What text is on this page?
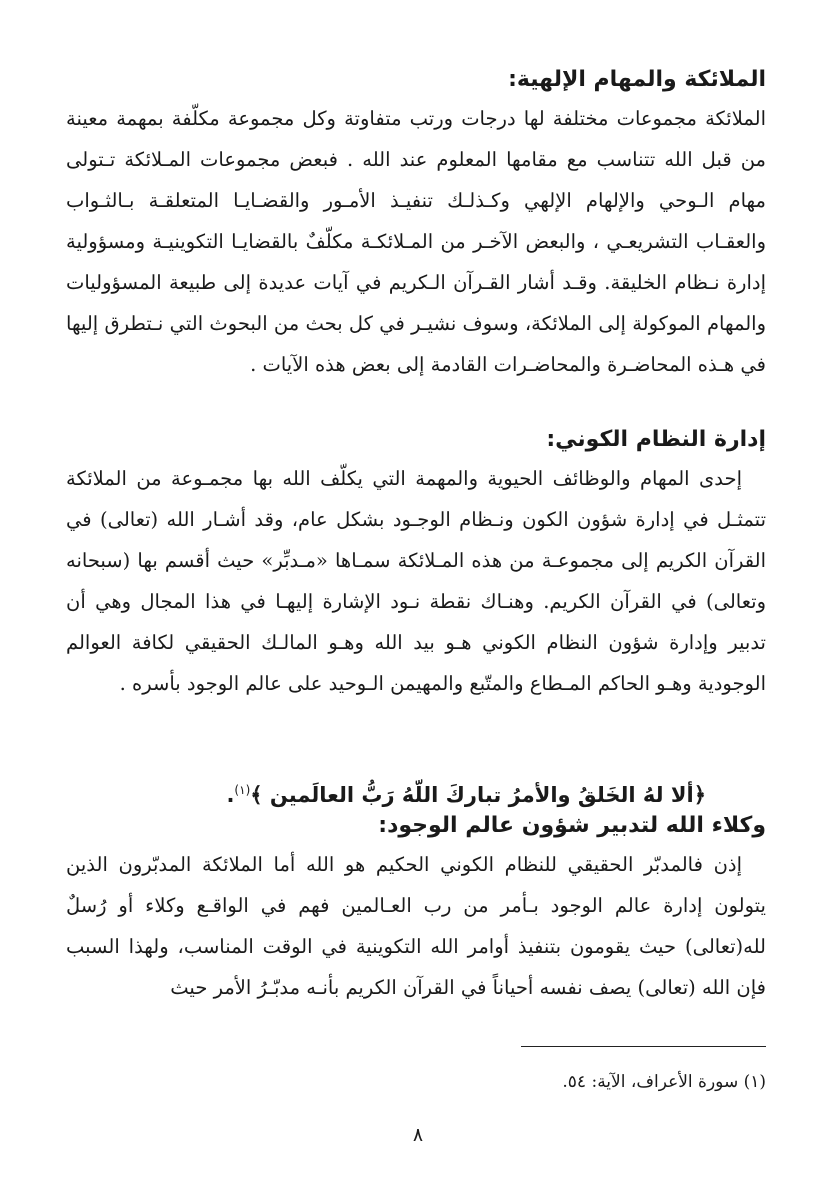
الملائكة والمهام الإلهية:

الملائكة مجموعات مختلفة لها درجات ورتب متفاوتة وكل مجموعة مكلّفة بمهمة معينة من قبل الله تتناسب مع مقامها المعلوم عند الله . فبعض مجموعات المـلائكة تـتولى مهام الـوحي والإلهام الإلهي وكـذلـك تنفيـذ الأمـور والقضـايـا المتعلقـة بـالثـواب والعقـاب التشريعـي ، والبعض الآخـر من المـلائكـة مكلّفٌ بالقضايـا التكوينيـة ومسؤولية إدارة نـظام الخليقة. وقـد أشار القـرآن الـكريم في آيات عديدة إلى طبيعة المسؤوليات والمهام الموكولة إلى الملائكة، وسوف نشيـر في كل بحث من البحوث التي نـتطرق إليها في هـذه المحاضـرة والمحاضـرات القادمة إلى بعض هذه الآيات .

إدارة النظام الكوني:

إحدى المهام والوظائف الحيوية والمهمة التي يكلّف الله بها مجمـوعة من الملائكة تتمثـل في إدارة شؤون الكون ونـظام الوجـود بشكل عام، وقد أشـار الله (تعالى) في القرآن الكريم إلى مجموعـة من هذه المـلائكة سمـاها «مـدبِّر» حيث أقسم بها (سبحانه وتعالى) في القرآن الكريم. وهنـاك نقطة نـود الإشارة إليهـا في هذا المجال وهي أن تدبير وإدارة شؤون النظام الكوني هـو بيد الله وهـو المالـك الحقيقي لكافة العوالم الوجودية وهـو الحاكم المـطاع والمتّبع والمهيمن الـوحيد على عالم الوجود بأسره .

﴿ألا لهُ الخَلقُ والأمرُ تباركَ اللّهُ رَبُّ العالَمين ﴾$^{(١)}$.

وكلاء الله لتدبير شؤون عالم الوجود:

إذن فالمدبّر الحقيقي للنظام الكوني الحكيم هو الله أما الملائكة المدبّرون الذين يتولون إدارة عالم الوجود بـأمر من رب العـالمين فهم في الواقـع وكلاء أو رُسلٌ لله(تعالى) حيث يقومون بتنفيذ أوامر الله التكوينية في الوقت المناسب، ولهذا السبب فإن الله (تعالى) يصف نفسه أحياناً في القرآن الكريم بأنـه مدبّـرُ الأمر حيث

(١) سورة الأعراف، الآية: ٥٤.

٨
